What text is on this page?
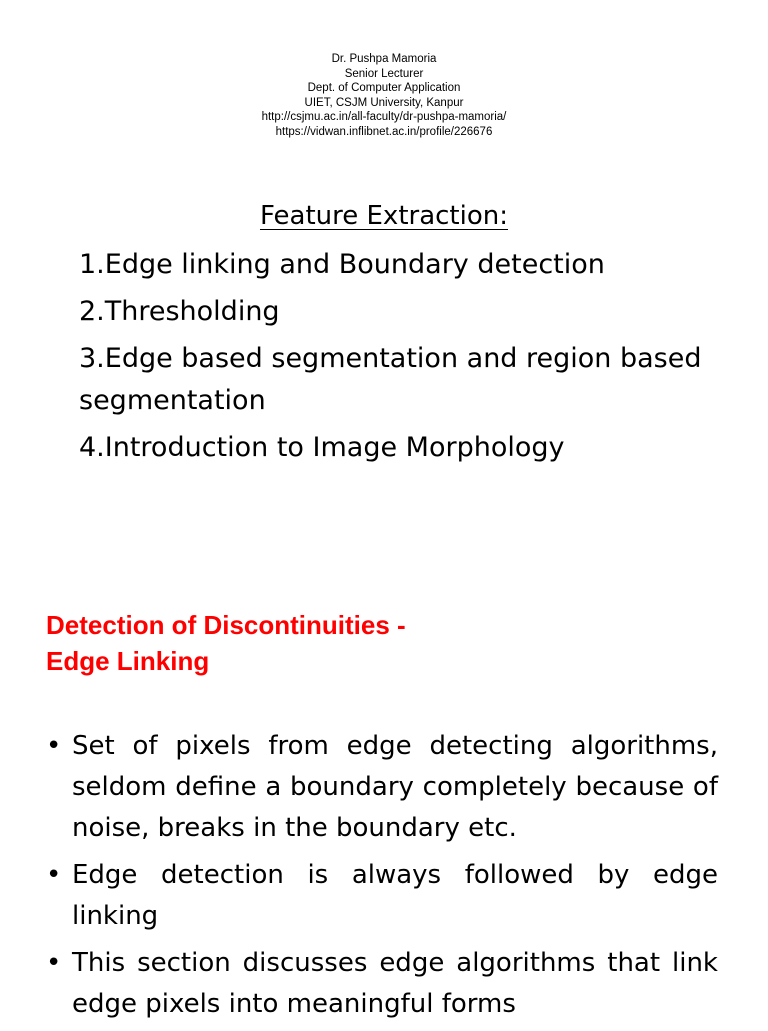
Dr. Pushpa Mamoria
Senior Lecturer
Dept. of Computer Application
UIET, CSJM University, Kanpur
http://csjmu.ac.in/all-faculty/dr-pushpa-mamoria/
https://vidwan.inflibnet.ac.in/profile/226676
Feature Extraction:
1.Edge linking and Boundary detection
2.Thresholding
3.Edge based segmentation and region based segmentation
4.Introduction to Image Morphology
Detection of Discontinuities -
Edge Linking
• Set of pixels from edge detecting algorithms, seldom define a boundary completely because of noise, breaks in the boundary etc.
• Edge detection is always followed by edge linking
• This section discusses edge algorithms that link edge pixels into meaningful forms
